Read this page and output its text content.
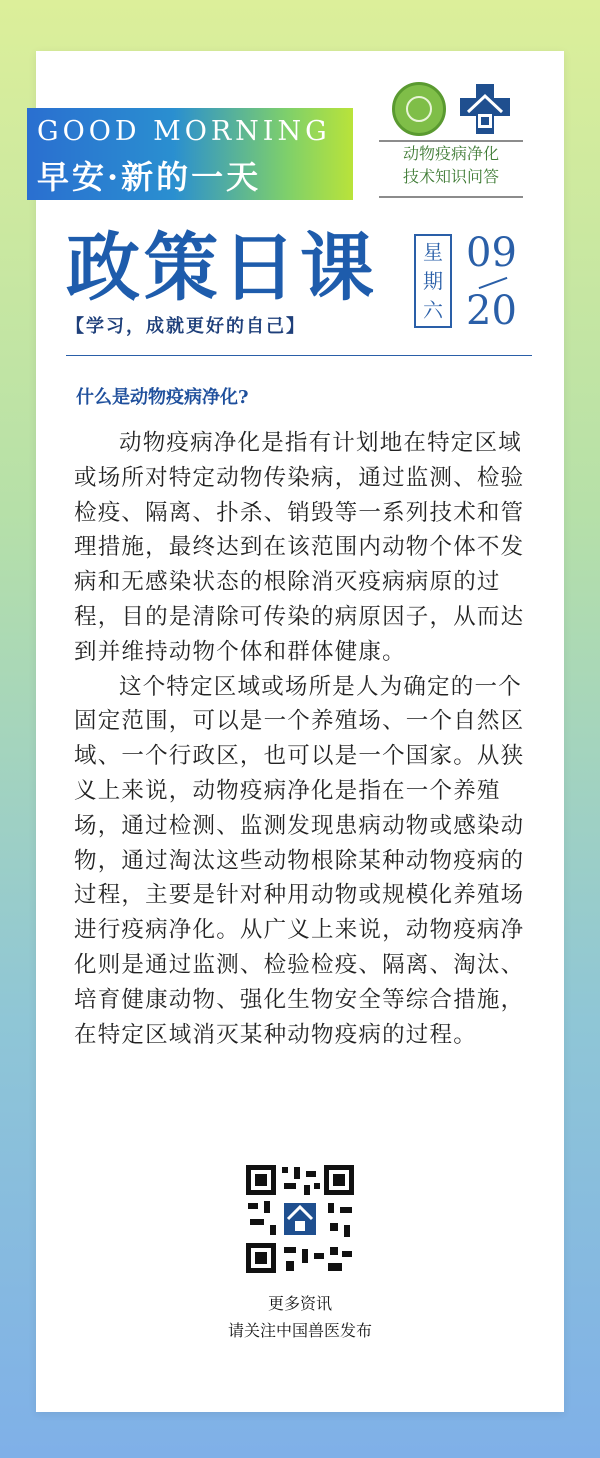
GOOD MORNING
早安·新的一天
动物疫病净化
技术知识问答
政策日课
【学习，成就更好的自己】
星
期
六
09
20
什么是动物疫病净化?

动物疫病净化是指有计划地在特定区域或场所对特定动物传染病，通过监测、检验检疫、隔离、扑杀、销毁等一系列技术和管理措施，最终达到在该范围内动物个体不发病和无感染状态的根除消灭疫病病原的过程，目的是清除可传染的病原因子，从而达到并维持动物个体和群体健康。

这个特定区域或场所是人为确定的一个固定范围，可以是一个养殖场、一个自然区域、一个行政区，也可以是一个国家。从狭义上来说，动物疫病净化是指在一个养殖场，通过检测、监测发现患病动物或感染动物，通过淘汰这些动物根除某种动物疫病的过程，主要是针对种用动物或规模化养殖场进行疫病净化。从广义上来说，动物疫病净化则是通过监测、检验检疫、隔离、淘汰、培育健康动物、强化生物安全等综合措施，在特定区域消灭某种动物疫病的过程。

更多资讯
请关注中国兽医发布
